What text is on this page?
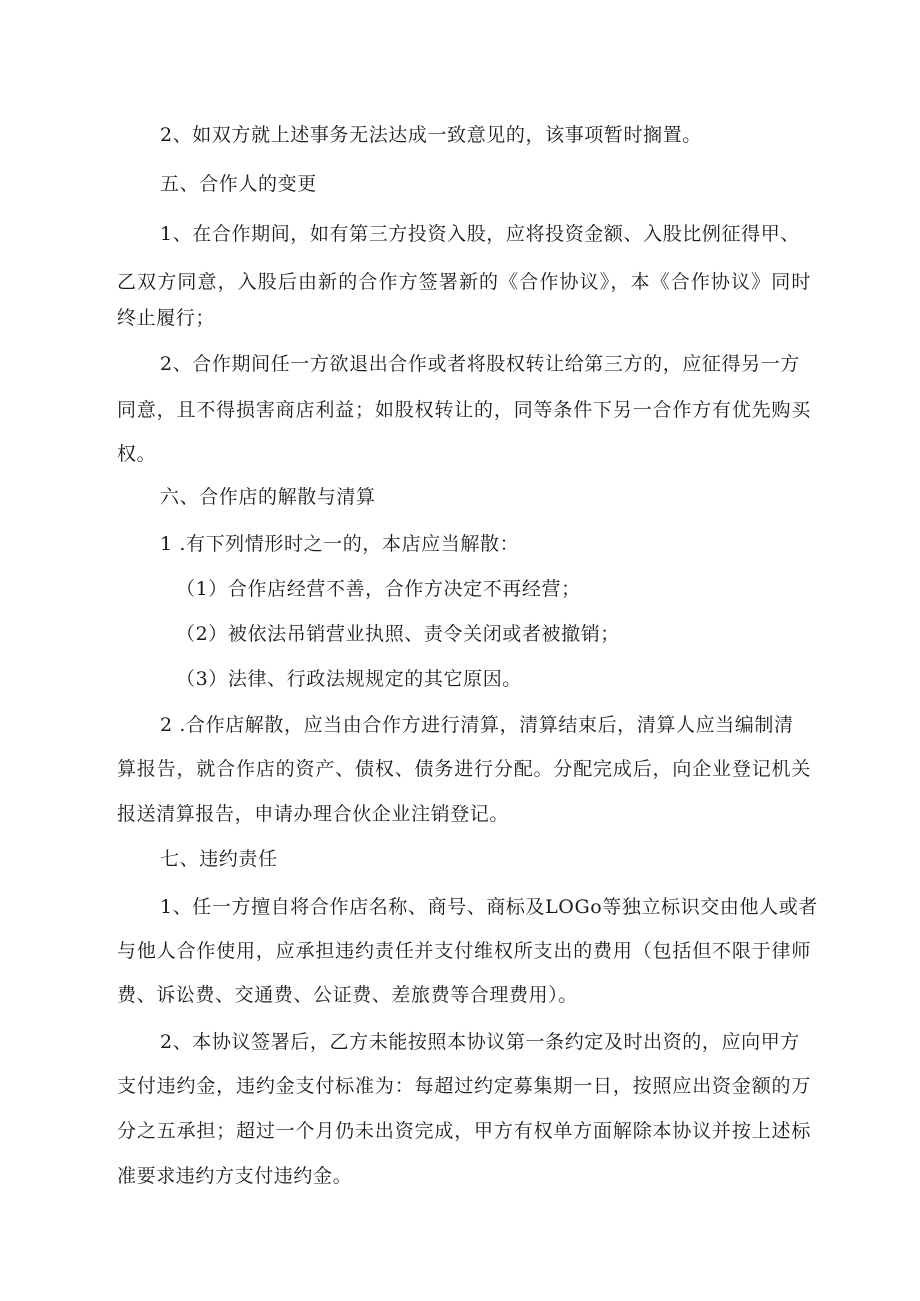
2、如双方就上述事务无法达成一致意见的，该事项暂时搁置。
五、合作人的变更
1、在合作期间，如有第三方投资入股，应将投资金额、入股比例征得甲、
乙双方同意，入股后由新的合作方签署新的《合作协议》，本《合作协议》同时
终止履行；
2、合作期间任一方欲退出合作或者将股权转让给第三方的，应征得另一方
同意，且不得损害商店利益；如股权转让的，同等条件下另一合作方有优先购买
权。
六、合作店的解散与清算
1 .有下列情形时之一的，本店应当解散：
（1）合作店经营不善，合作方决定不再经营；
（2）被依法吊销营业执照、责令关闭或者被撤销；
（3）法律、行政法规规定的其它原因。
2 .合作店解散，应当由合作方进行清算，清算结束后，清算人应当编制清
算报告，就合作店的资产、债权、债务进行分配。分配完成后，向企业登记机关
报送清算报告，申请办理合伙企业注销登记。
七、违约责任
1、任一方擅自将合作店名称、商号、商标及LOGo等独立标识交由他人或者
与他人合作使用，应承担违约责任并支付维权所支出的费用（包括但不限于律师
费、诉讼费、交通费、公证费、差旅费等合理费用）。
2、本协议签署后，乙方未能按照本协议第一条约定及时出资的，应向甲方
支付违约金，违约金支付标准为：每超过约定募集期一日，按照应出资金额的万
分之五承担；超过一个月仍未出资完成，甲方有权单方面解除本协议并按上述标
准要求违约方支付违约金。
